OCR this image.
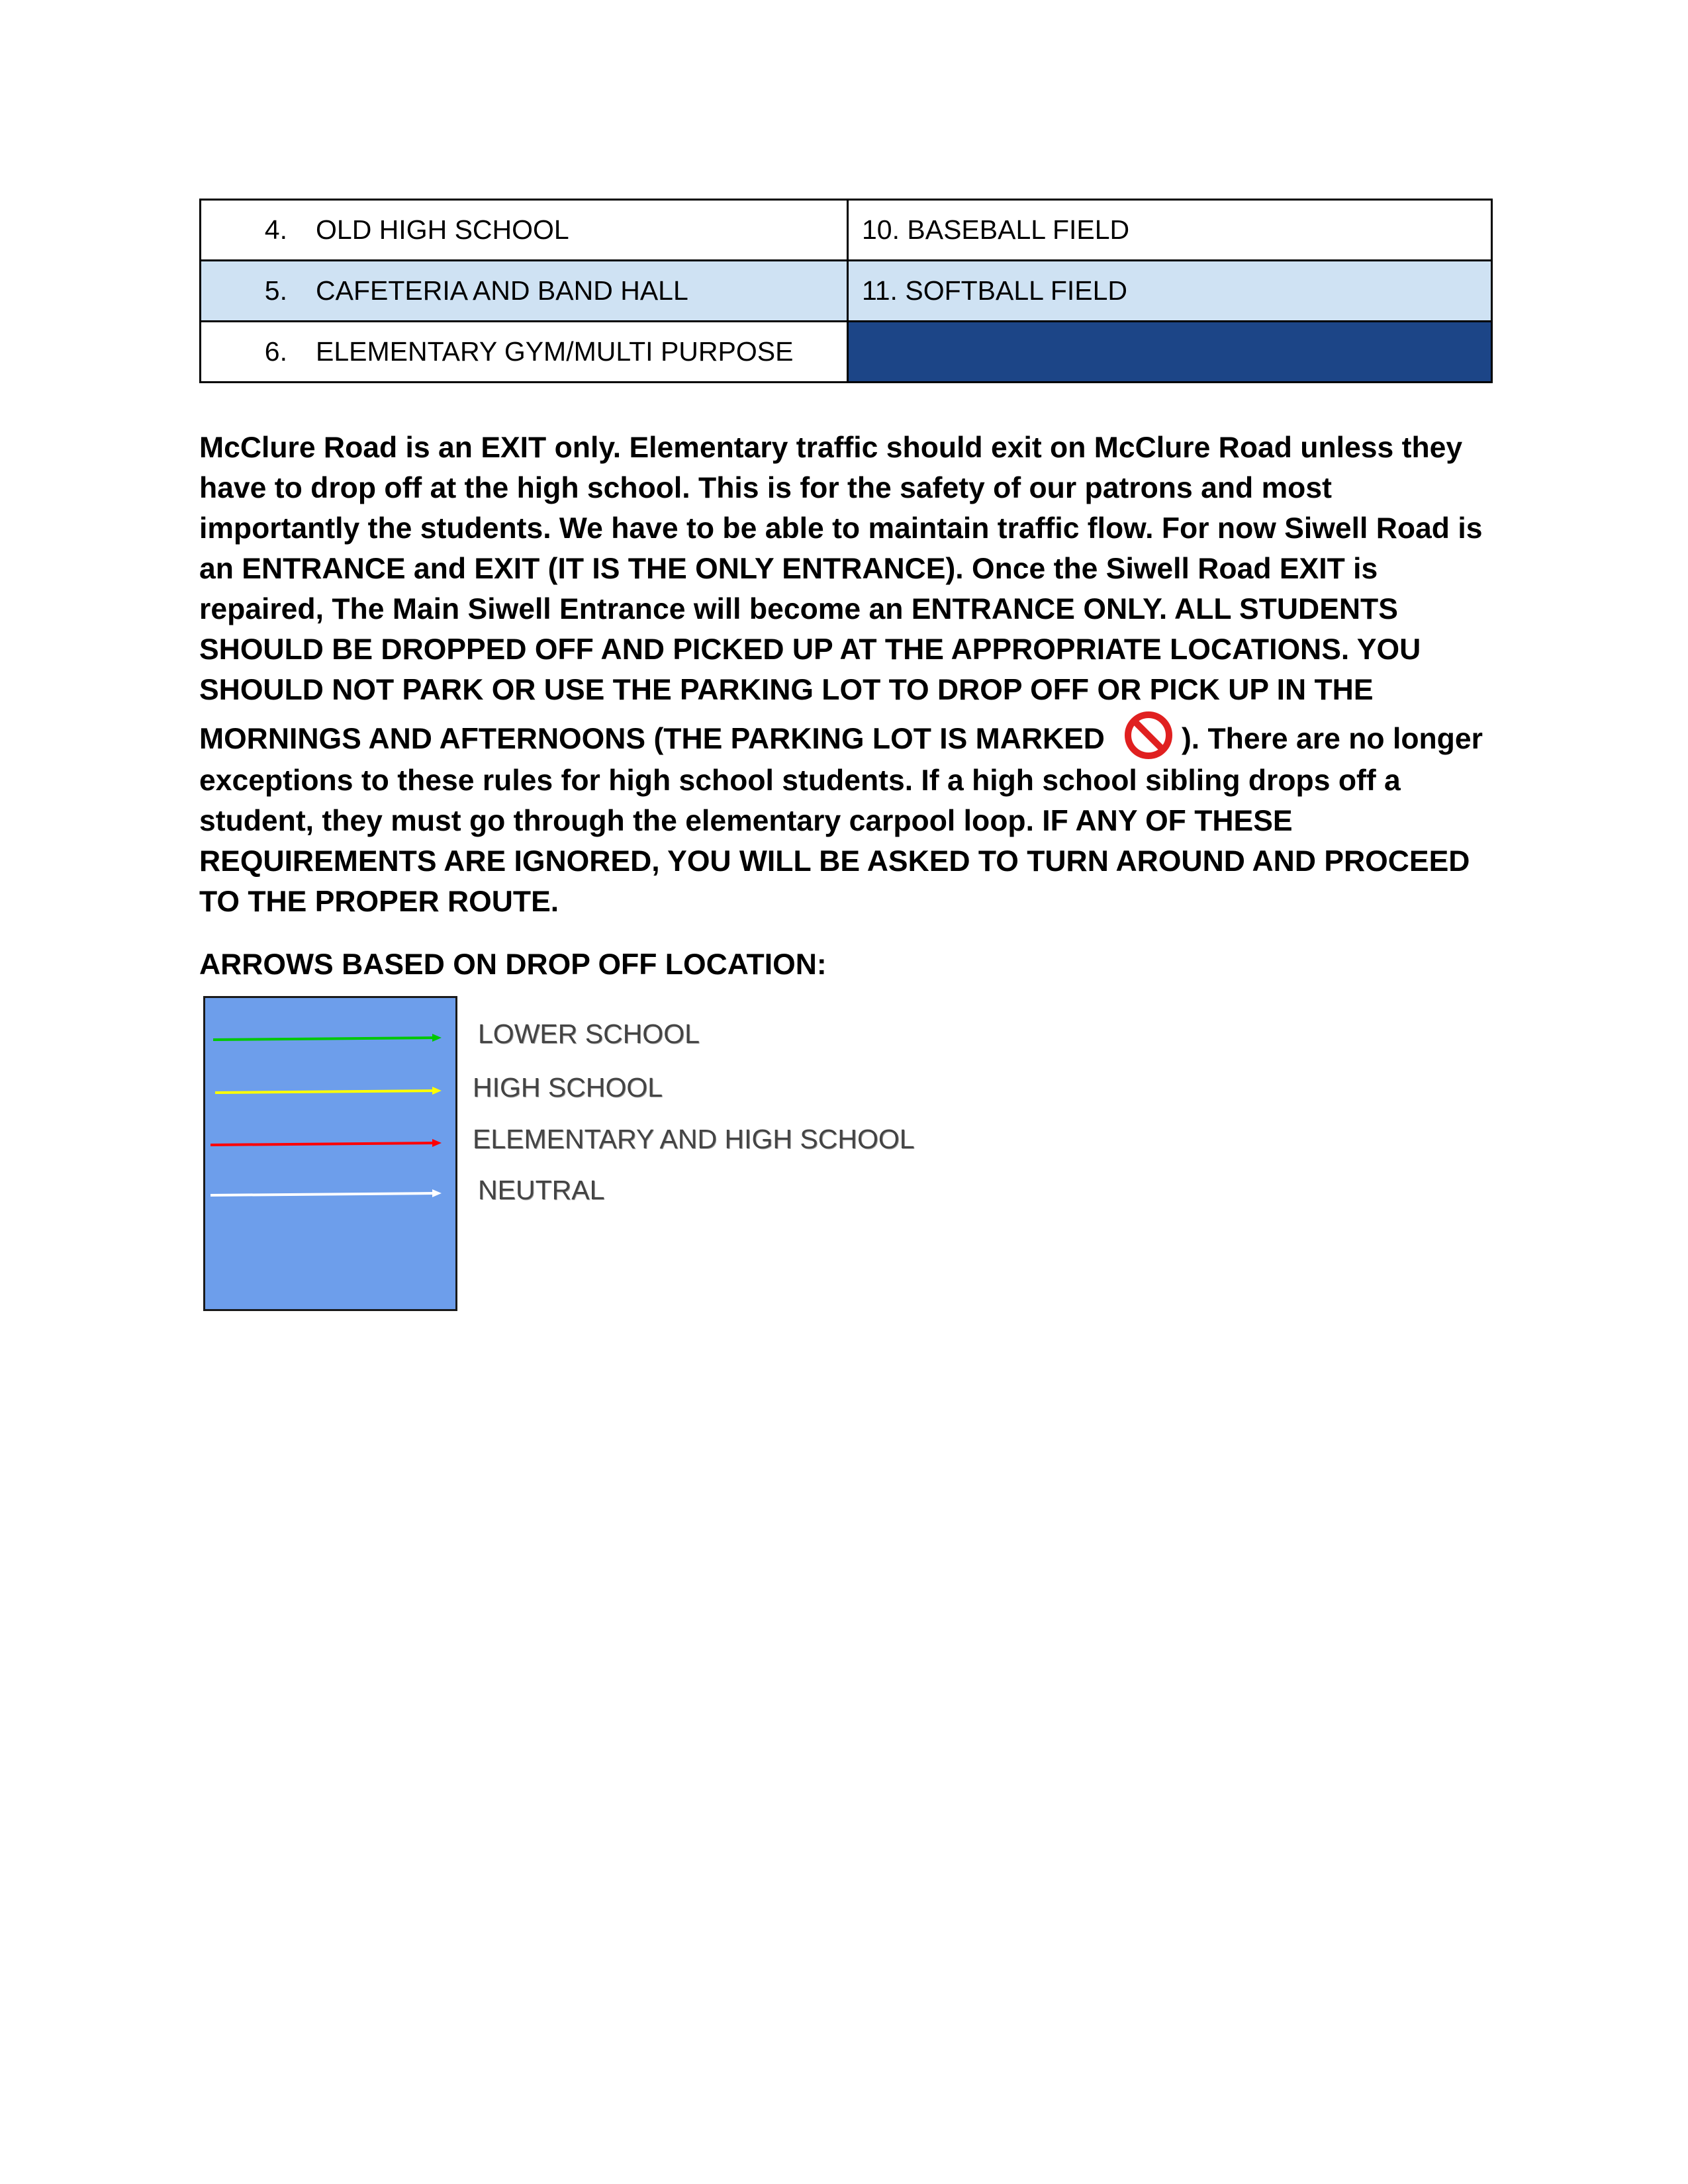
4. OLD HIGH SCHOOL	10. BASEBALL FIELD

5. CAFETERIA AND BAND HALL	11. SOFTBALL FIELD

6. ELEMENTARY GYM/MULTI PURPOSE	

McClure Road is an EXIT only. Elementary traffic should exit on McClure Road unless they have to drop off at the high school. This is for the safety of our patrons and most importantly the students. We have to be able to maintain traffic flow. For now Siwell Road is an ENTRANCE and EXIT (IT IS THE ONLY ENTRANCE). Once the Siwell Road EXIT is repaired, The Main Siwell Entrance will become an ENTRANCE ONLY. ALL STUDENTS SHOULD BE DROPPED OFF AND PICKED UP AT THE APPROPRIATE LOCATIONS. YOU SHOULD NOT PARK OR USE THE PARKING LOT TO DROP OFF OR PICK UP IN THE MORNINGS AND AFTERNOONS (THE PARKING LOT IS MARKED	). There are no longer exceptions to these rules for high school students. If a high school sibling drops off a student, they must go through the elementary carpool loop. IF ANY OF THESE REQUIREMENTS ARE IGNORED, YOU WILL BE ASKED TO TURN AROUND AND PROCEED TO THE PROPER ROUTE.

ARROWS BASED ON DROP OFF LOCATION:

LOWER SCHOOL
HIGH SCHOOL
ELEMENTARY AND HIGH SCHOOL
NEUTRAL
